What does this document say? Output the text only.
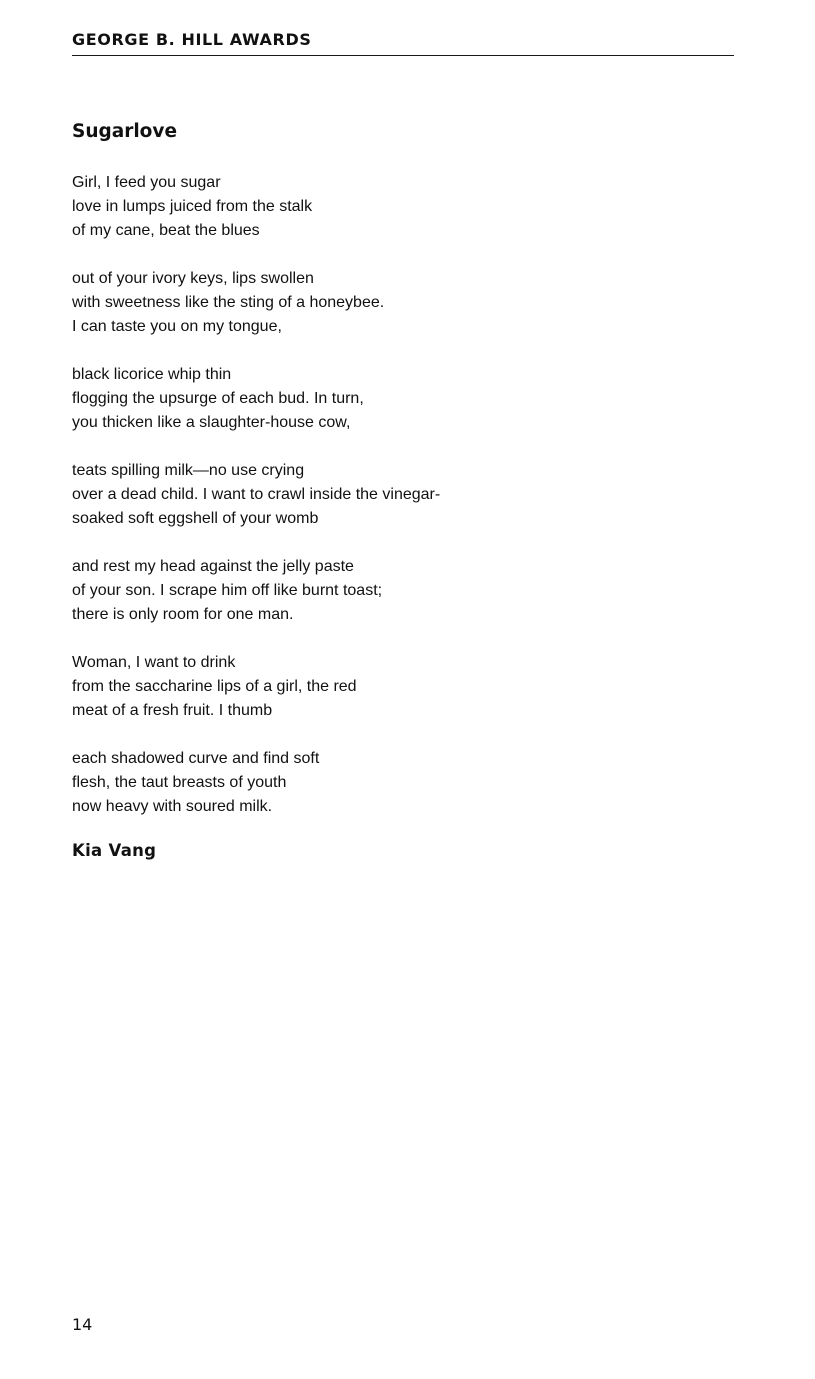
GEORGE B. HILL AWARDS
Sugarlove
Girl, I feed you sugar
love in lumps juiced from the stalk
of my cane, beat the blues
out of your ivory keys, lips swollen
with sweetness like the sting of a honeybee.
I can taste you on my tongue,
black licorice whip thin
flogging the upsurge of each bud. In turn,
you thicken like a slaughter-house cow,
teats spilling milk—no use crying
over a dead child. I want to crawl inside the vinegar-
soaked soft eggshell of your womb
and rest my head against the jelly paste
of your son. I scrape him off like burnt toast;
there is only room for one man.
Woman, I want to drink
from the saccharine lips of a girl, the red
meat of a fresh fruit. I thumb
each shadowed curve and find soft
flesh, the taut breasts of youth
now heavy with soured milk.
Kia Vang
14
